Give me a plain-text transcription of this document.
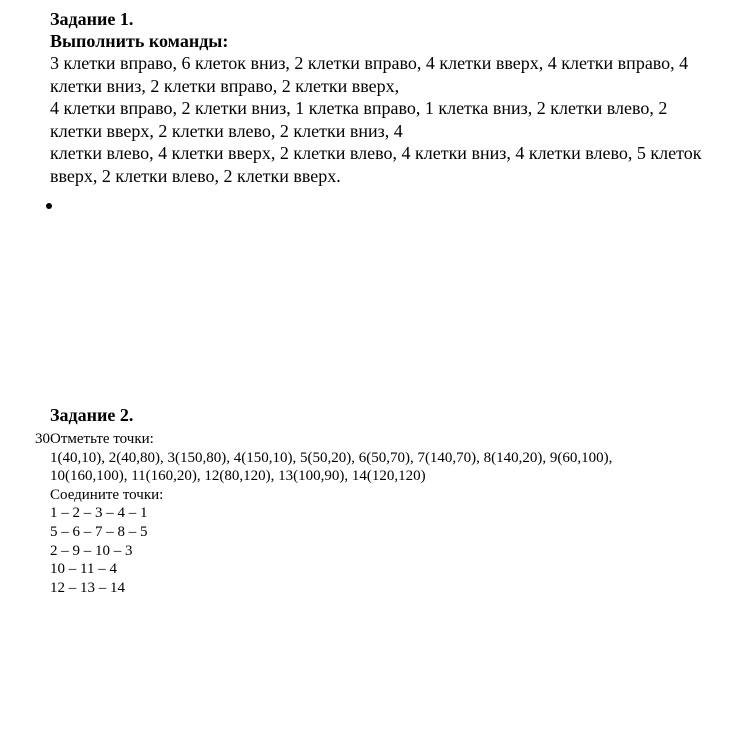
Задание 1.
Выполнить команды:

3 клетки вправо, 6 клеток вниз, 2 клетки вправо, 4 клетки вверх, 4 клетки вправо, 4 клетки вниз, 2 клетки вправо, 2 клетки вверх,

4 клетки вправо, 2 клетки вниз, 1 клетка вправо, 1 клетка вниз, 2 клетки влево, 2 клетки вверх, 2 клетки влево, 2 клетки вниз, 4

клетки влево, 4 клетки вверх, 2 клетки влево, 4 клетки вниз, 4 клетки влево, 5 клеток вверх, 2 клетки влево, 2 клетки вверх.

Задание 2.
30 Отметьте точки:

1(40,10), 2(40,80), 3(150,80), 4(150,10), 5(50,20), 6(50,70), 7(140,70), 8(140,20), 9(60,100),

10(160,100), 11(160,20), 12(80,120), 13(100,90), 14(120,120)

Соедините точки:

1 – 2 – 3 – 4 – 1

5 – 6 – 7 – 8 – 5

2 – 9 – 10 – 3

10 – 11 – 4

12 – 13 – 14
